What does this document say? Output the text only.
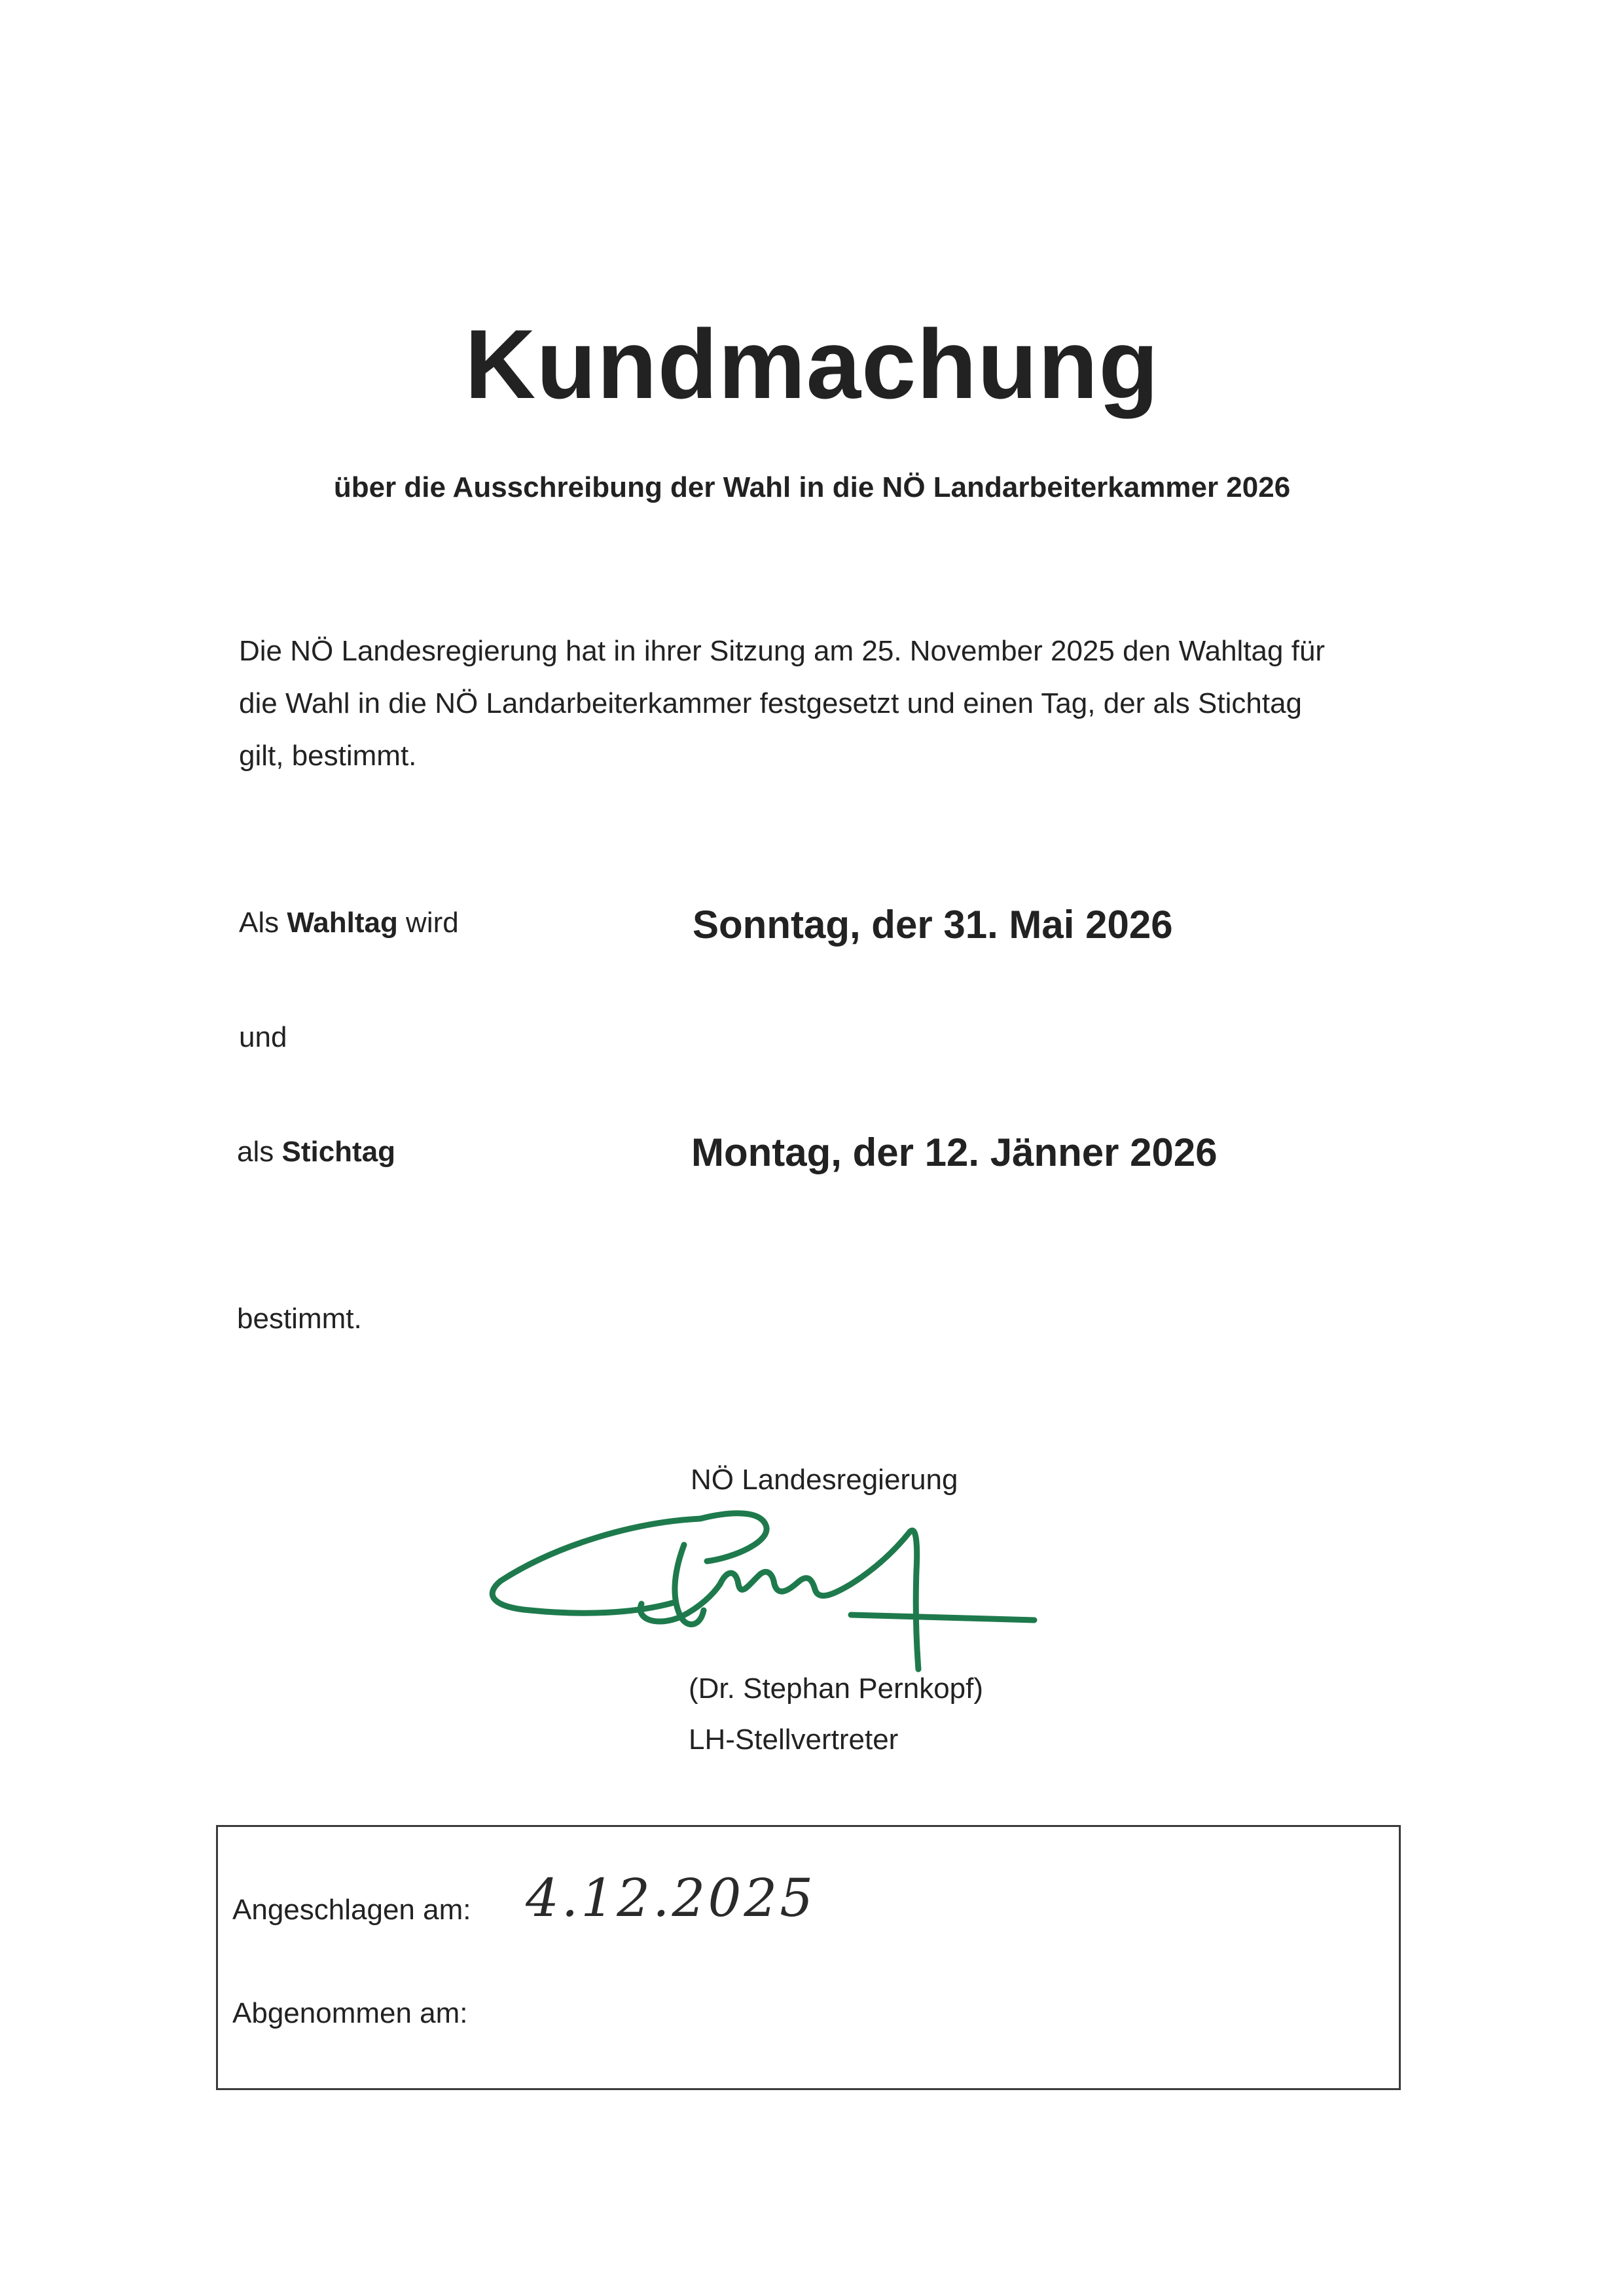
Kundmachung
über die Ausschreibung der Wahl in die NÖ Landarbeiterkammer 2026
Die NÖ Landesregierung hat in ihrer Sitzung am 25. November 2025 den Wahltag für
die Wahl in die NÖ Landarbeiterkammer festgesetzt und einen Tag, der als Stichtag
gilt, bestimmt.
Als Wahltag wird	Sonntag, der 31. Mai 2026
und
als Stichtag	Montag, der 12. Jänner 2026
bestimmt.
NÖ Landesregierung
(Dr. Stephan Pernkopf)
LH-Stellvertreter
Angeschlagen am: 4.12.2025
Abgenommen am:
